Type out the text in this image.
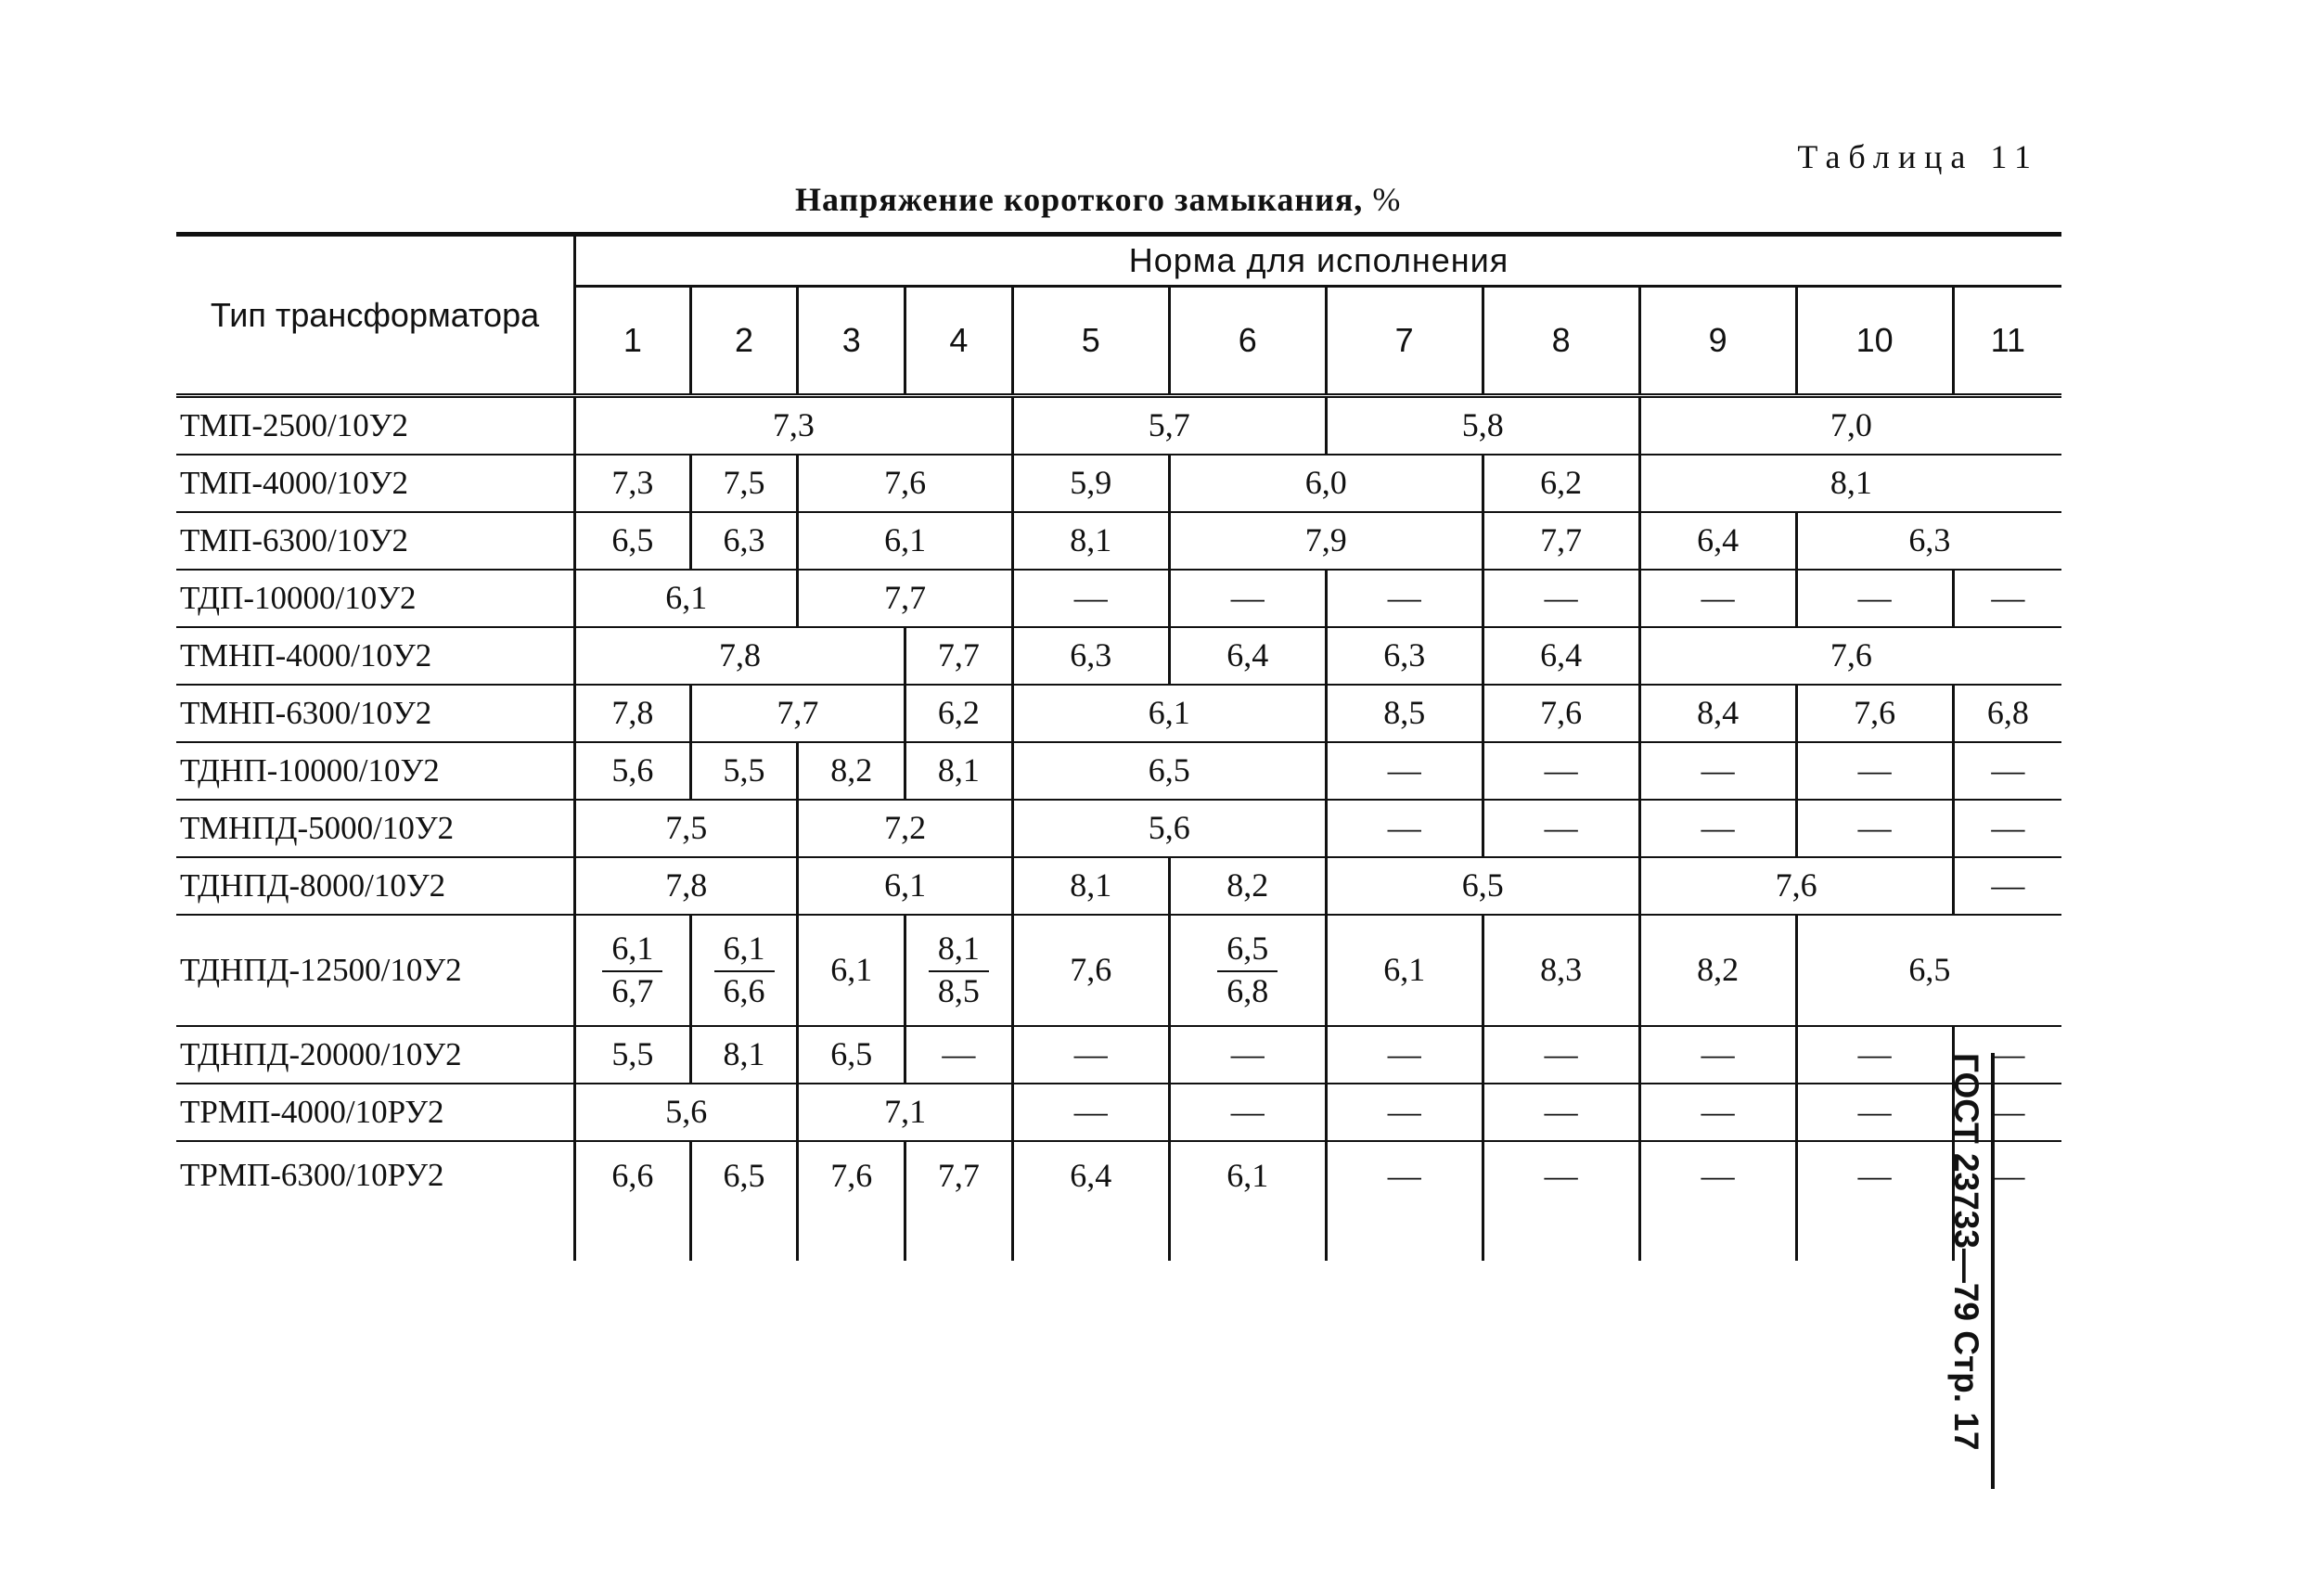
Таблица 11
Напряжение короткого замыкания, %
ГОСТ 23733—79 Стр. 17
Тип трансформатора	Норма для исполнения										
	1	2	3	4	5	6	7	8	9	10	11
ТМП-2500/10У2	7,3				5,7		5,8		7,0		
ТМП-4000/10У2	7,3	7,5	7,6		5,9	6,0		6,2	8,1		
ТМП-6300/10У2	6,5	6,3	6,1		8,1	7,9		7,7	6,4	6,3	
ТДП-10000/10У2	6,1		7,7		—	—	—	—	—	—	—
ТМНП-4000/10У2	7,8			7,7	6,3	6,4	6,3	6,4	7,6		
ТМНП-6300/10У2	7,8	7,7		6,2	6,1		8,5	7,6	8,4	7,6	6,8
ТДНП-10000/10У2	5,6	5,5	8,2	8,1	6,5		—	—	—	—	—
ТМНПД-5000/10У2	7,5		7,2		5,6		—	—	—	—	—
ТДНПД-8000/10У2	7,8		6,1		8,1	8,2	6,5		7,6		—
ТДНПД-12500/10У2	$\frac{6,1}{6,7}$	$\frac{6,1}{6,6}$	6,1	$\frac{8,1}{8,5}$	7,6	$\frac{6,5}{6,8}$	6,1	8,3	8,2	6,5	
ТДНПД-20000/10У2	5,5	8,1	6,5	—	—	—	—	—	—	—	—
ТРМП-4000/10РУ2	5,6		7,1		—	—	—	—	—	—	—
ТРМП-6300/10РУ2	6,6	6,5	7,6	7,7	6,4	6,1	—	—	—	—	—
